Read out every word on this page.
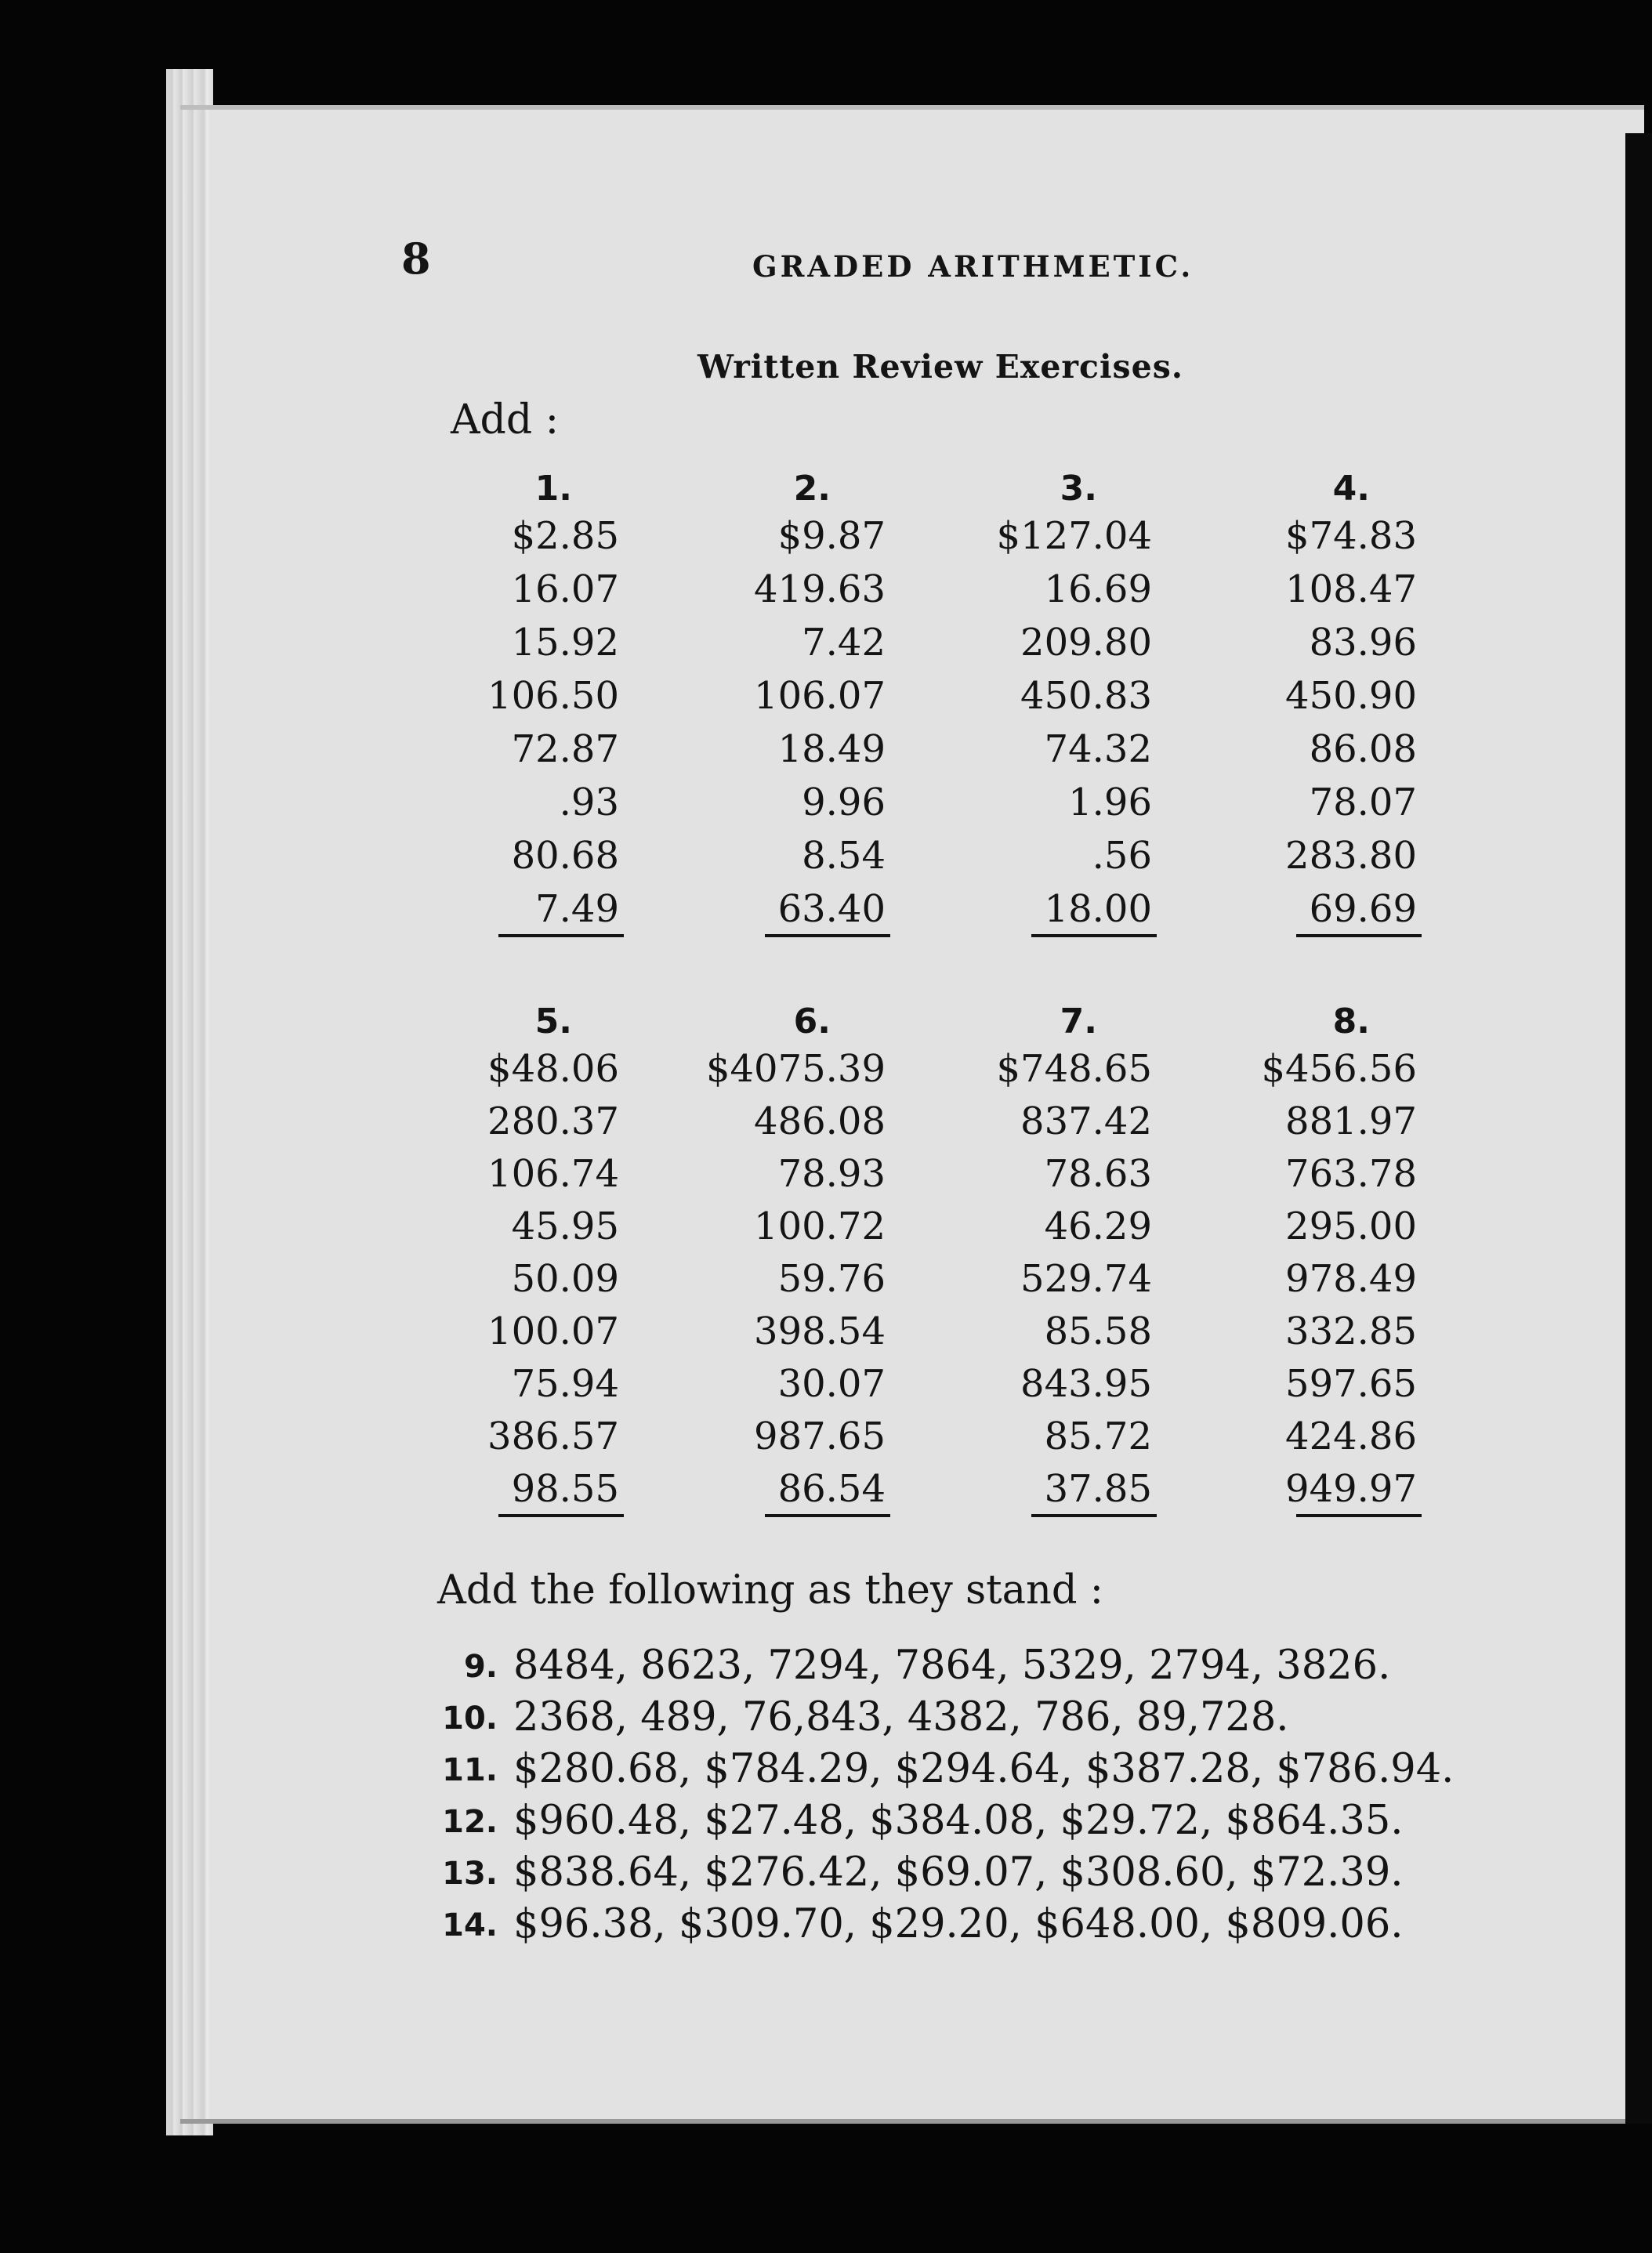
8	GRADED ARITHMETIC.
Written Review Exercises.
Add :
1.
$2.85
16.07
15.92
106.50
72.87
.93
80.68
7.49
2.
$9.87
419.63
7.42
106.07
18.49
9.96
8.54
63.40
3.
$127.04
16.69
209.80
450.83
74.32
1.96
.56
18.00
4.
$74.83
108.47
83.96
450.90
86.08
78.07
283.80
69.69
5.
$48.06
280.37
106.74
45.95
50.09
100.07
75.94
386.57
98.55
6.
$4075.39
486.08
78.93
100.72
59.76
398.54
30.07
987.65
86.54
7.
$748.65
837.42
78.63
46.29
529.74
85.58
843.95
85.72
37.85
8.
$456.56
881.97
763.78
295.00
978.49
332.85
597.65
424.86
949.97
Add the following as they stand :
9. 8484, 8623, 7294, 7864, 5329, 2794, 3826.
10. 2368, 489, 76,843, 4382, 786, 89,728.
11. $280.68, $784.29, $294.64, $387.28, $786.94.
12. $960.48, $27.48, $384.08, $29.72, $864.35.
13. $838.64, $276.42, $69.07, $308.60, $72.39.
14. $96.38, $309.70, $29.20, $648.00, $809.06.
